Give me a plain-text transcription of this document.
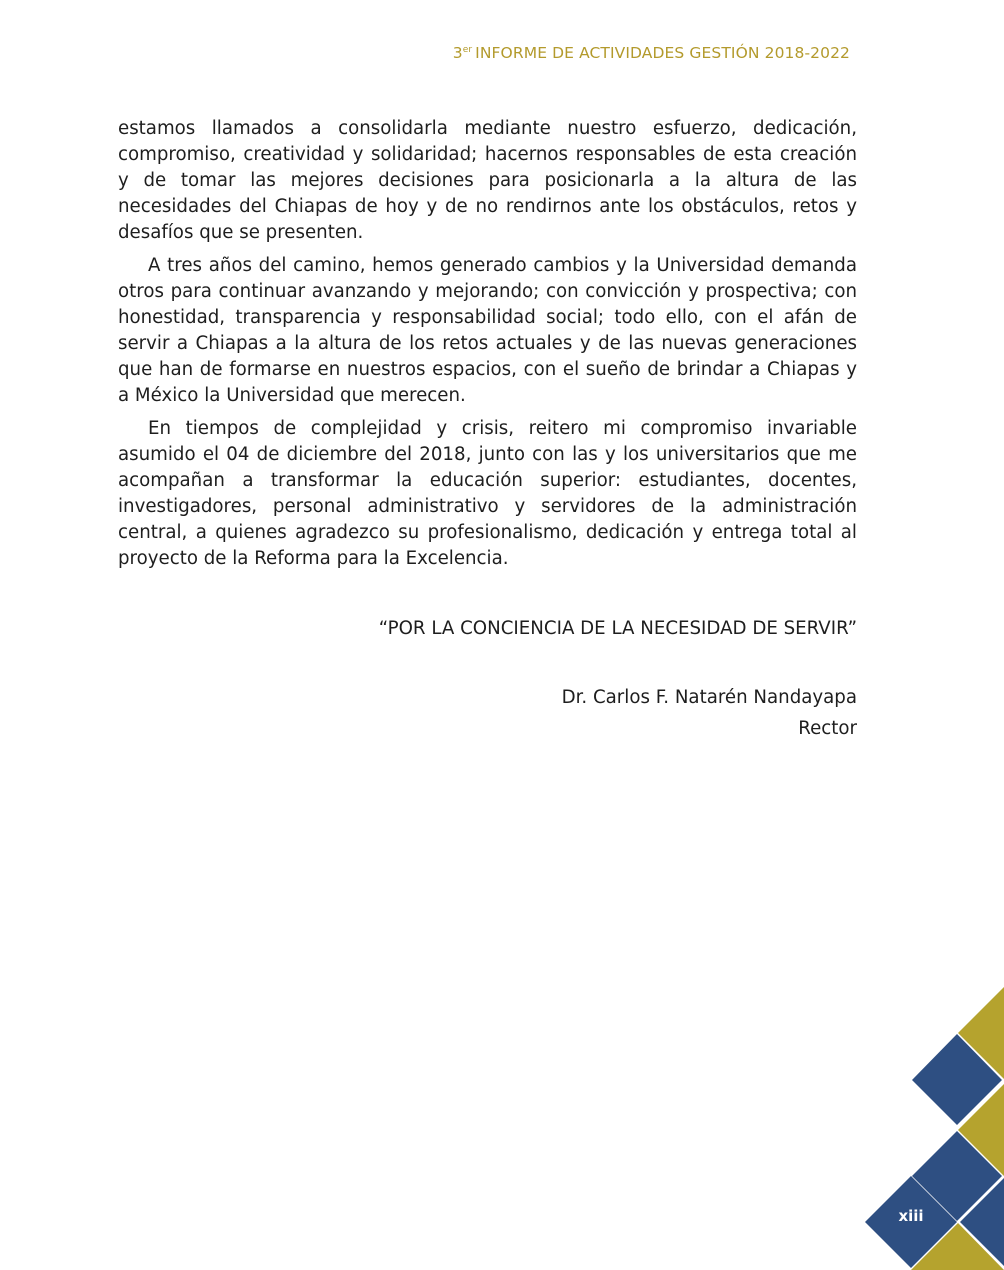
3er INFORME DE ACTIVIDADES GESTIÓN 2018-2022

estamos llamados a consolidarla mediante nuestro esfuerzo, dedicación, compromiso, creatividad y solidaridad; hacernos responsables de esta creación y de tomar las mejores decisiones para posicionarla a la altura de las necesidades del Chiapas de hoy y de no rendirnos ante los obstáculos, retos y desafíos que se presenten.

A tres años del camino, hemos generado cambios y la Universidad demanda otros para continuar avanzando y mejorando; con convicción y prospectiva; con honestidad, transparencia y responsabilidad social; todo ello, con el afán de servir a Chiapas a la altura de los retos actuales y de las nuevas generaciones que han de formarse en nuestros espacios, con el sueño de brindar a Chiapas y a México la Universidad que merecen.

En tiempos de complejidad y crisis, reitero mi compromiso invariable asumido el 04 de diciembre del 2018, junto con las y los universitarios que me acompañan a transformar la educación superior: estudiantes, docentes, investigadores, personal administrativo y servidores de la administración central, a quienes agradezco su profesionalismo, dedicación y entrega total al proyecto de la Reforma para la Excelencia.

“POR LA CONCIENCIA DE LA NECESIDAD DE SERVIR”
Dr. Carlos F. Natarén Nandayapa
Rector
xiii
